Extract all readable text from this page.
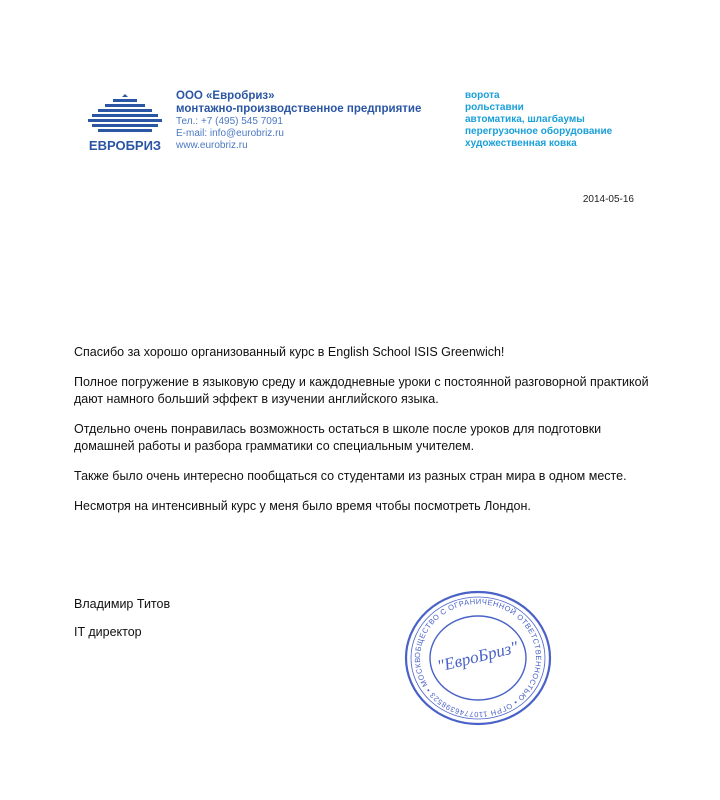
ЕВРОБРИЗ
ООО «Евробриз»
монтажно-производственное предприятие
Тел.: +7 (495) 545 7091
E-mail: info@eurobriz.ru
www.eurobriz.ru
ворота
рольставни
автоматика, шлагбаумы
перегрузочное оборудование
художественная ковка
2014-05-16

Спасибо за хорошо организованный курс в English School ISIS Greenwich!

Полное погружение в языковую среду и каждодневные уроки с постоянной разговорной практикой дают намного больший эффект в изучении английского языка.

Отдельно очень понравилась возможность остаться в школе после уроков для подготовки домашней работы и разбора грамматики со специальным учителем.

Также было очень интересно пообщаться со студентами из разных стран мира в одном месте.

Несмотря на интенсивный курс у меня было время чтобы посмотреть Лондон.

Владимир Титов
IT директор
ОБЩЕСТВО С ОГРАНИЧЕННОЙ ОТВЕТСТВЕННОСТЬЮ • ОГРН 1107746398523 • МОСКВ "ЕвроБриз"
